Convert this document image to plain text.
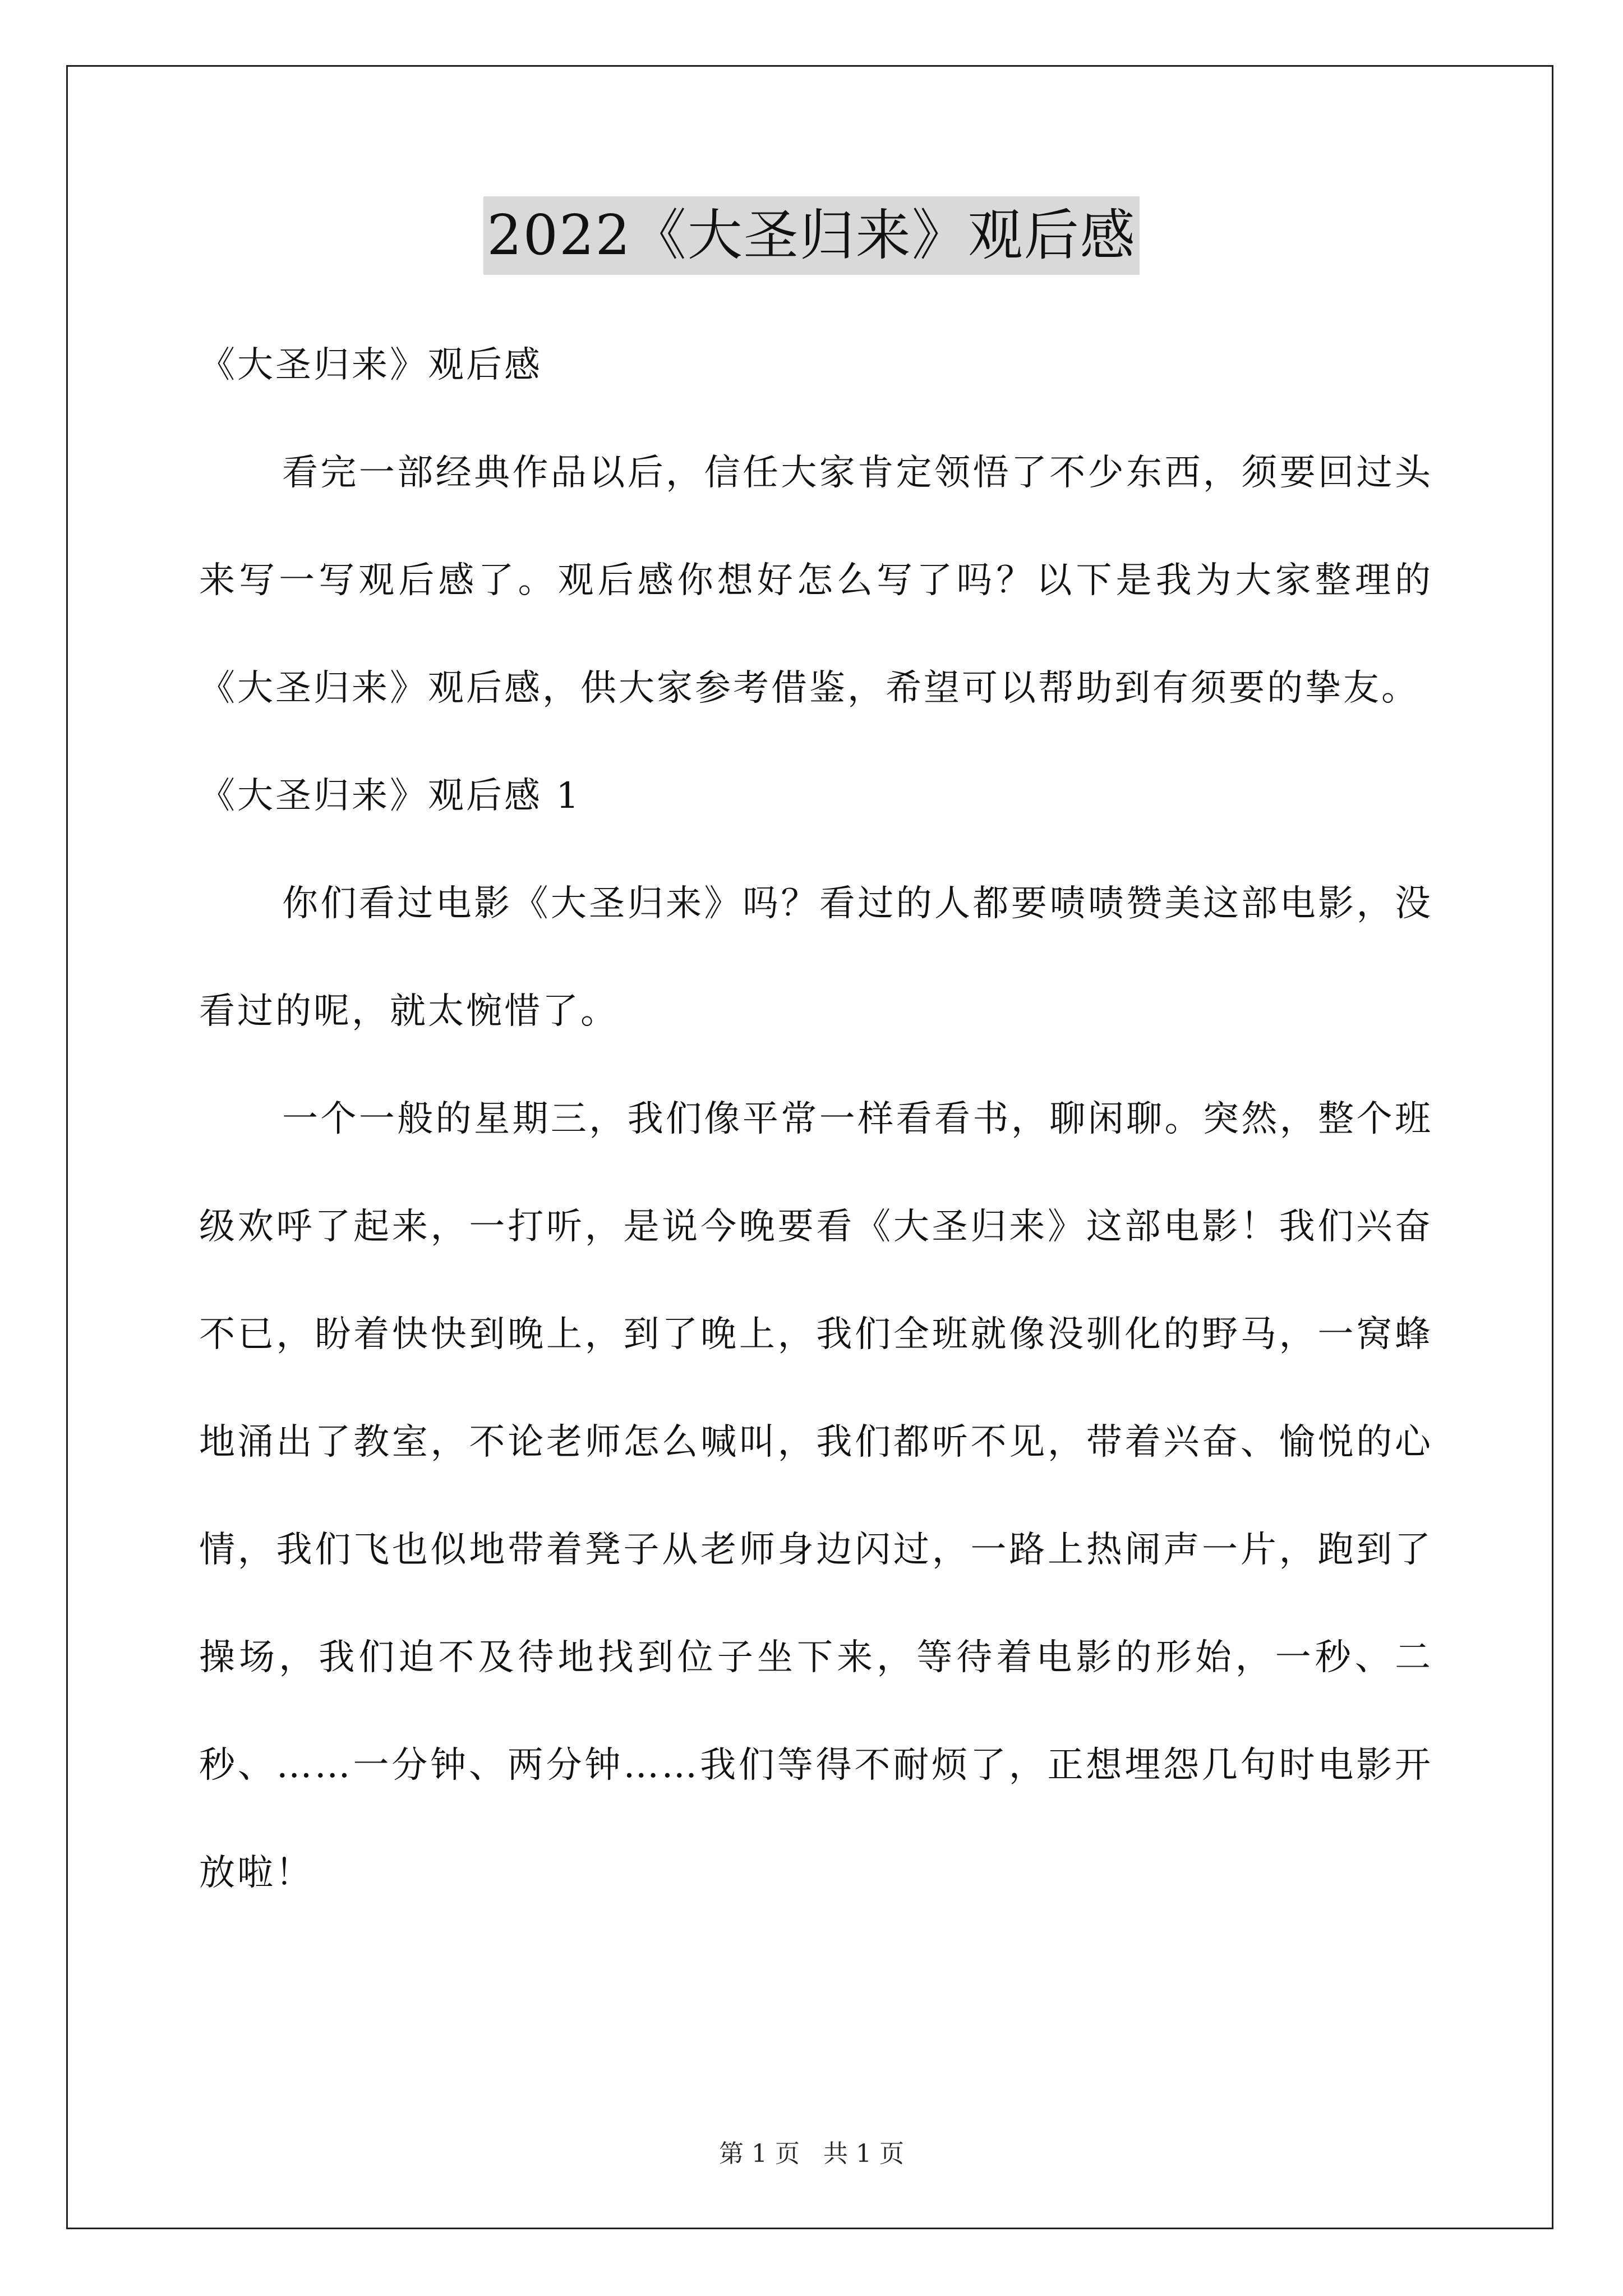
2022《大圣归来》观后感
《大圣归来》观后感

看完一部经典作品以后，信任大家肯定领悟了不少东西，须要回过头来写一写观后感了。观后感你想好怎么写了吗？以下是我为大家整理的《大圣归来》观后感，供大家参考借鉴，希望可以帮助到有须要的挚友。

《大圣归来》观后感 1

你们看过电影《大圣归来》吗？看过的人都要啧啧赞美这部电影，没看过的呢，就太惋惜了。

一个一般的星期三，我们像平常一样看看书，聊闲聊。突然，整个班级欢呼了起来，一打听，是说今晚要看《大圣归来》这部电影！我们兴奋不已，盼着快快到晚上，到了晚上，我们全班就像没驯化的野马，一窝蜂地涌出了教室，不论老师怎么喊叫，我们都听不见，带着兴奋、愉悦的心情，我们飞也似地带着凳子从老师身边闪过，一路上热闹声一片，跑到了操场，我们迫不及待地找到位子坐下来，等待着电影的形始，一秒、二秒、……一分钟、两分钟……我们等得不耐烦了，正想埋怨几句时电影开放啦！

第 1 页   共 1 页
